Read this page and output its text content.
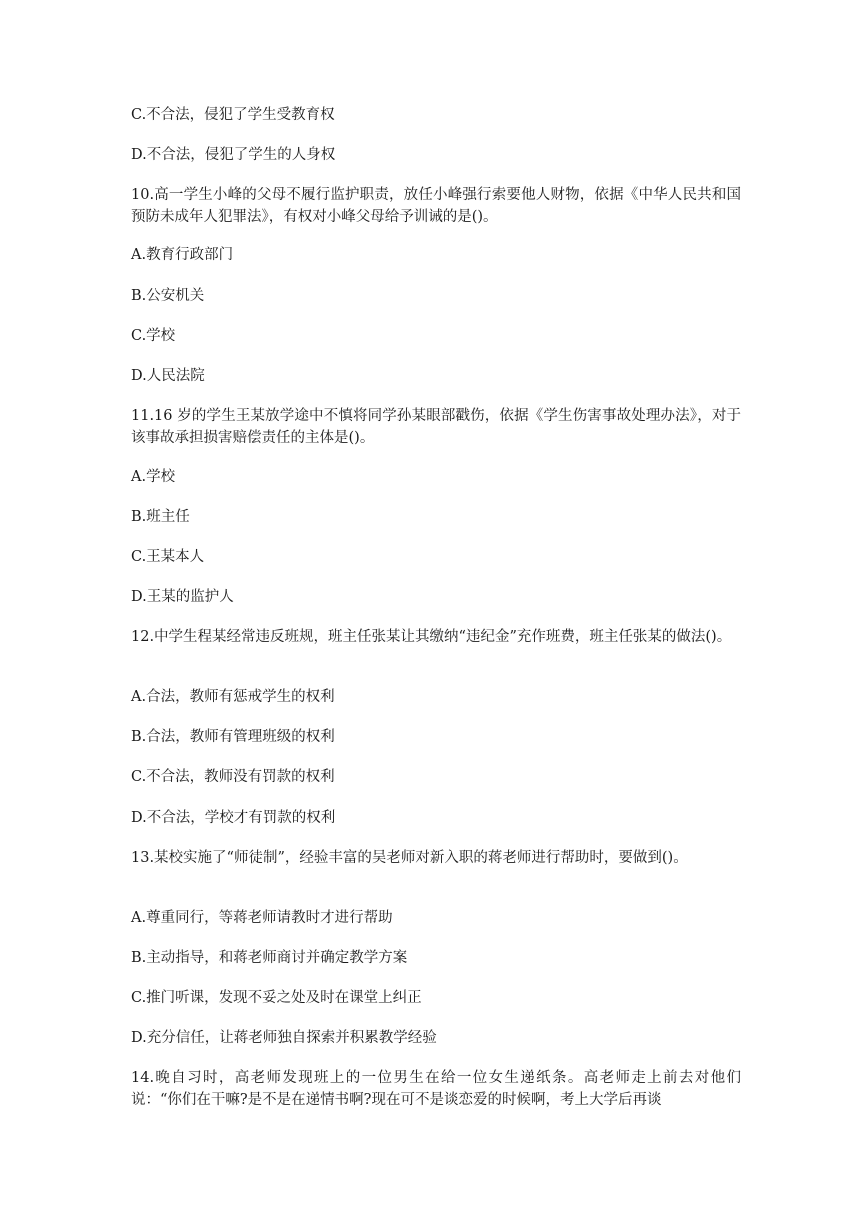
C.不合法，侵犯了学生受教育权
D.不合法，侵犯了学生的人身权
10.高一学生小峰的父母不履行监护职责，放任小峰强行索要他人财物，依据《中华人民共和国预防未成年人犯罪法》，有权对小峰父母给予训诫的是()。
A.教育行政部门
B.公安机关
C.学校
D.人民法院
11.16 岁的学生王某放学途中不慎将同学孙某眼部戳伤，依据《学生伤害事故处理办法》，对于该事故承担损害赔偿责任的主体是()。
A.学校
B.班主任
C.王某本人
D.王某的监护人
12.中学生程某经常违反班规，班主任张某让其缴纳“违纪金”充作班费，班主任张某的做法()。
A.合法，教师有惩戒学生的权利
B.合法，教师有管理班级的权利
C.不合法，教师没有罚款的权利
D.不合法，学校才有罚款的权利
13.某校实施了“师徒制”，经验丰富的吴老师对新入职的蒋老师进行帮助时，要做到()。
A.尊重同行，等蒋老师请教时才进行帮助
B.主动指导，和蒋老师商讨并确定教学方案
C.推门听课，发现不妥之处及时在课堂上纠正
D.充分信任，让蒋老师独自探索并积累教学经验
14.晚自习时，高老师发现班上的一位男生在给一位女生递纸条。高老师走上前去对他们说：“你们在干嘛?是不是在递情书啊?现在可不是谈恋爱的时候啊，考上大学后再谈
